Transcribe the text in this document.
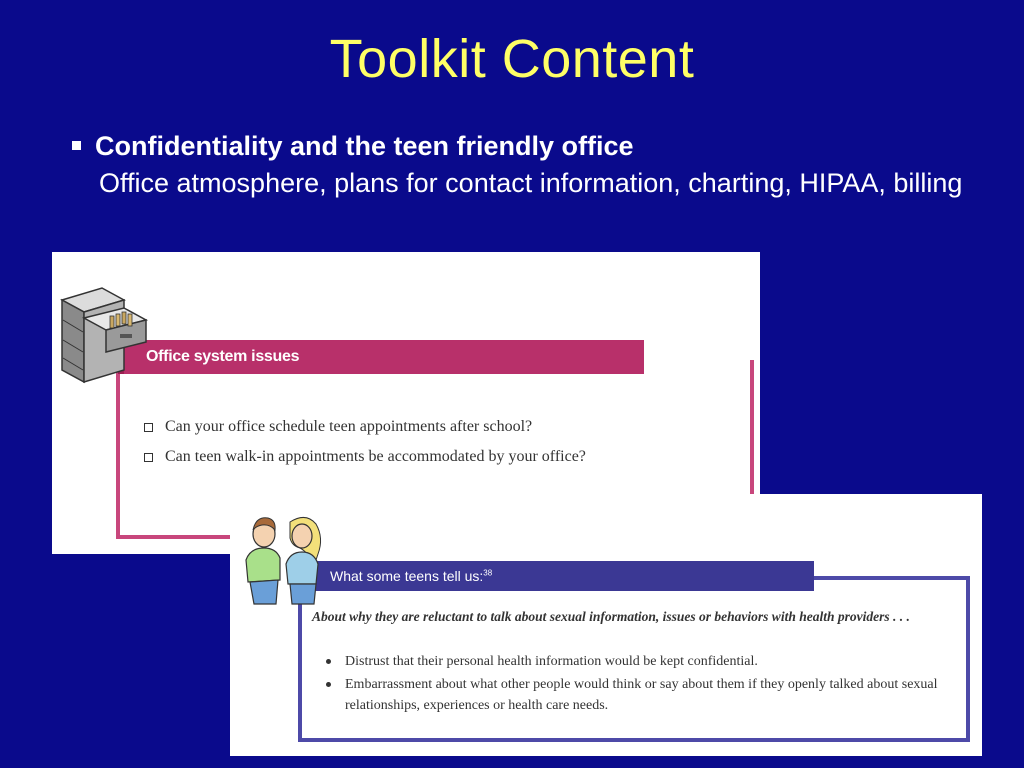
Toolkit Content
Confidentiality and the teen friendly office
Office atmosphere, plans for contact information, charting, HIPAA, billing
Office system issues
Can your office schedule teen appointments after school?
Can teen walk-in appointments be accommodated by your office?
What some teens tell us:$^{38}$
About why they are reluctant to talk about sexual information, issues or behaviors with health providers . . .
Distrust that their personal health information would be kept confidential.
Embarrassment about what other people would think or say about them if they openly talked about sexual relationships, experiences or health care needs.
